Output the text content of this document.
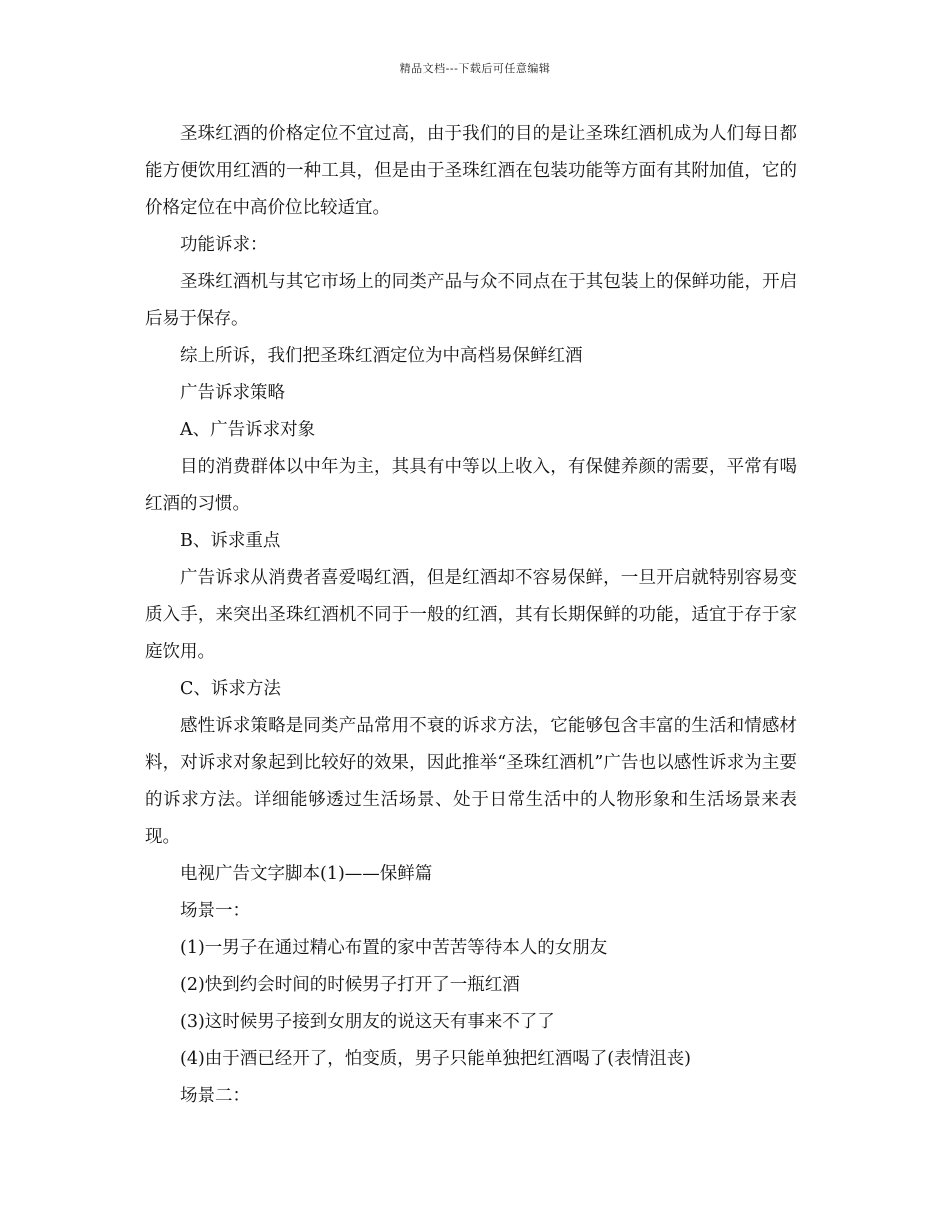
精品文档---下载后可任意编辑

圣珠红酒的价格定位不宜过高，由于我们的目的是让圣珠红酒机成为人们每日都能方便饮用红酒的一种工具，但是由于圣珠红酒在包装功能等方面有其附加值，它的价格定位在中高价位比较适宜。

功能诉求：

圣珠红酒机与其它市场上的同类产品与众不同点在于其包装上的保鲜功能，开启后易于保存。

综上所诉，我们把圣珠红酒定位为中高档易保鲜红酒

广告诉求策略

A、广告诉求对象

目的消费群体以中年为主，其具有中等以上收入，有保健养颜的需要，平常有喝红酒的习惯。

B、诉求重点

广告诉求从消费者喜爱喝红酒，但是红酒却不容易保鲜，一旦开启就特别容易变质入手，来突出圣珠红酒机不同于一般的红酒，其有长期保鲜的功能，适宜于存于家庭饮用。

C、诉求方法

感性诉求策略是同类产品常用不衰的诉求方法，它能够包含丰富的生活和情感材料，对诉求对象起到比较好的效果，因此推举“圣珠红酒机”广告也以感性诉求为主要的诉求方法。详细能够透过生活场景、处于日常生活中的人物形象和生活场景来表现。

电视广告文字脚本(1)——保鲜篇

场景一：

(1)一男子在通过精心布置的家中苦苦等待本人的女朋友

(2)快到约会时间的时候男子打开了一瓶红酒

(3)这时候男子接到女朋友的说这天有事来不了了

(4)由于酒已经开了，怕变质，男子只能单独把红酒喝了(表情沮丧)

场景二：
